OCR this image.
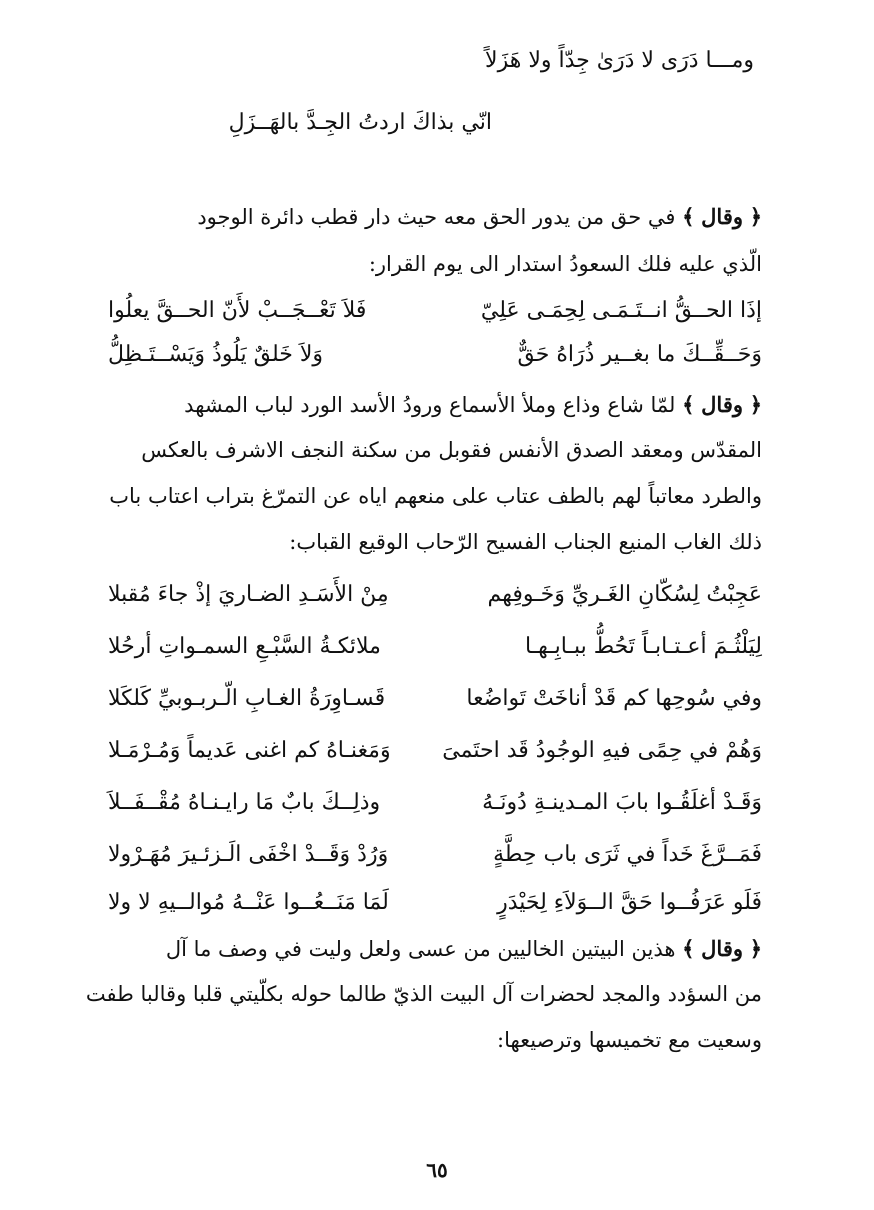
ومـــا دَرَى لا دَرَىٰ جِدّاً ولا هَزَلاً
انّي بذاكَ اردتُ الجِـدَّ بالهَــزَلِ
﴿ وقال ﴾ في حق من يدور الحق معه حيث دار قطب دائرة الوجود
الّذي عليه فلك السعودُ استدار الى يوم القرار:
إذَا الحــقُّ انــتَـمَـى لِحِمَـى عَلِيّ
فَلاَ تَعْــجَــبْ لأَنّ الحــقَّ يعلُوا
وَحَــقِّــكَ ما بغــير ذُرَاهُ حَقٌّ
وَلاَ خَلقٌ يَلُوذُ وَيَسْــتَـظِلُّ
﴿ وقال ﴾ لمّا شاع وذاع وملأ الأسماع ورودُ الأسد الورد لباب المشهد
المقدّس ومعقد الصدق الأنفس فقوبل من سكنة النجف الاشرف بالعكس
والطرد معاتباً لهم بالطف عتاب على منعهم اياه عن التمرّغ بتراب اعتاب باب
ذلك الغاب المنيع الجناب الفسيح الرّحاب الوقيع القباب:
عَجِبْتُ لِسُكّانِ الغَـريِّ وَخَـوفِهم
مِنْ الأَسَـدِ الضـاريَ إذْ جاءَ مُقبلا
لِيَلْثُـمَ أعـتـابـاً تَحُطُّ ببـابِـهـا
ملائكـةُ السَّبْـعِ السمـواتِ أرحُلا
وفي سُوحِها كم قَدْ أناخَتْ تَواضُعا
قَسـاوِرَةُ الغـابِ الّـربـوبيِّ كَلكَلا
وَهُمْ في حِمًى فيهِ الوجُودُ قَد احتَمىَ
وَمَغنـاهُ كم اغنى عَديماً وَمُـرْمَـلا
وَقَـدْ أغلَقُـوا بابَ المـدينـةِ دُونَـهُ
وذلِــكَ بابٌ مَا رايـنـاهُ مُقْــفَــلاَ
فَمَــرَّغَ خَداً في ثَرَى باب حِطَّةٍ
وَرُدْ وَقَــدْ اخْفَى الَـزئـيرَ مُهَـرْولا
فَلَو عَرَفُــوا حَقَّ الــوَلاَءِ لِحَيْدَرٍ
لَمَا مَنَــعُــوا عَنْــهُ مُوالــيهِ لا ولا
﴿ وقال ﴾ هذين البيتين الخاليين من عسى ولعل وليت في وصف ما آل
من السؤدد والمجد لحضرات آل البيت الذيّ طالما حوله بكلّيتي قلبا وقالبا طفت
وسعيت مع تخميسها وترصيعها:
٦٥
